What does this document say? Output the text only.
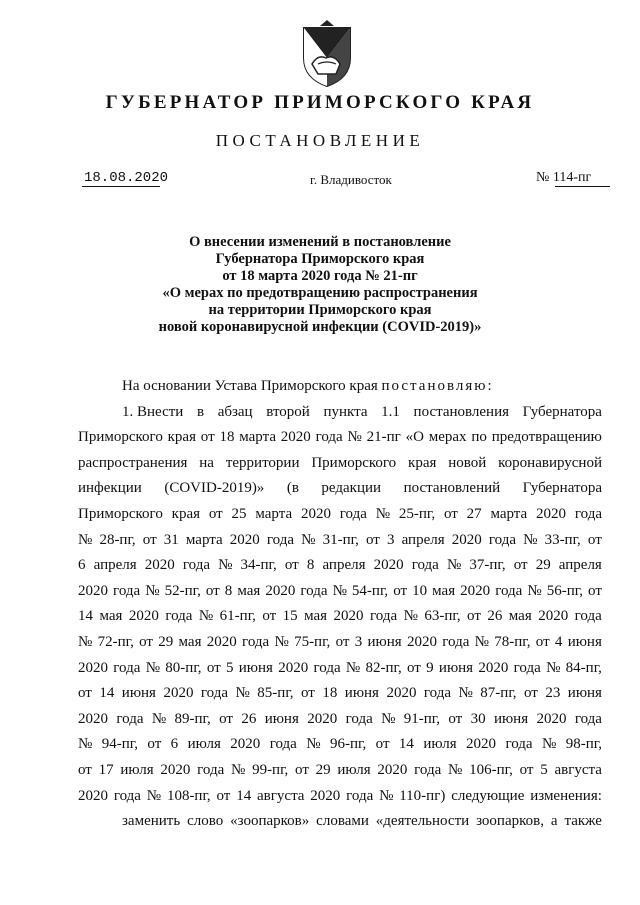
ГУБЕРНАТОР ПРИМОРСКОГО КРАЯ
ПОСТАНОВЛЕНИЕ
18.08.2020	г. Владивосток	№ 114-пг
О внесении изменений в постановление
Губернатора Приморского края
от 18 марта 2020 года № 21-пг
«О мерах по предотвращению распространения
на территории Приморского края
новой коронавирусной инфекции (COVID-2019)»
На основании Устава Приморского края
постановляю:
1. Внести в абзац второй пункта 1.1 постановления Губернатора
Приморского края от 18 марта 2020 года № 21-пг «О мерах по предотвращению
распространения на территории Приморского края новой коронавирусной
инфекции (COVID-2019)» (в редакции постановлений Губернатора
Приморского края от 25 марта 2020 года № 25-пг, от 27 марта 2020 года
№ 28-пг, от 31 марта 2020 года № 31-пг, от 3 апреля 2020 года № 33-пг, от
6 апреля 2020 года № 34-пг, от 8 апреля 2020 года № 37-пг, от 29 апреля
2020 года № 52-пг, от 8 мая 2020 года № 54-пг, от 10 мая 2020 года № 56-пг, от
14 мая 2020 года № 61-пг, от 15 мая 2020 года № 63-пг, от 26 мая 2020 года
№ 72-пг, от 29 мая 2020 года № 75-пг, от 3 июня 2020 года № 78-пг, от 4 июня
2020 года № 80-пг, от 5 июня 2020 года № 82-пг, от 9 июня 2020 года № 84-пг,
от 14 июня 2020 года № 85-пг, от 18 июня 2020 года № 87-пг, от 23 июня
2020 года № 89-пг, от 26 июня 2020 года № 91-пг, от 30 июня 2020 года
№ 94-пг, от 6 июля 2020 года № 96-пг, от 14 июля 2020 года № 98-пг,
от 17 июля 2020 года № 99-пг, от 29 июля 2020 года № 106-пг, от 5 августа
2020 года № 108-пг, от 14 августа 2020 года № 110-пг) следующие изменения:
заменить слово «зоопарков» словами «деятельности зоопарков, а также
